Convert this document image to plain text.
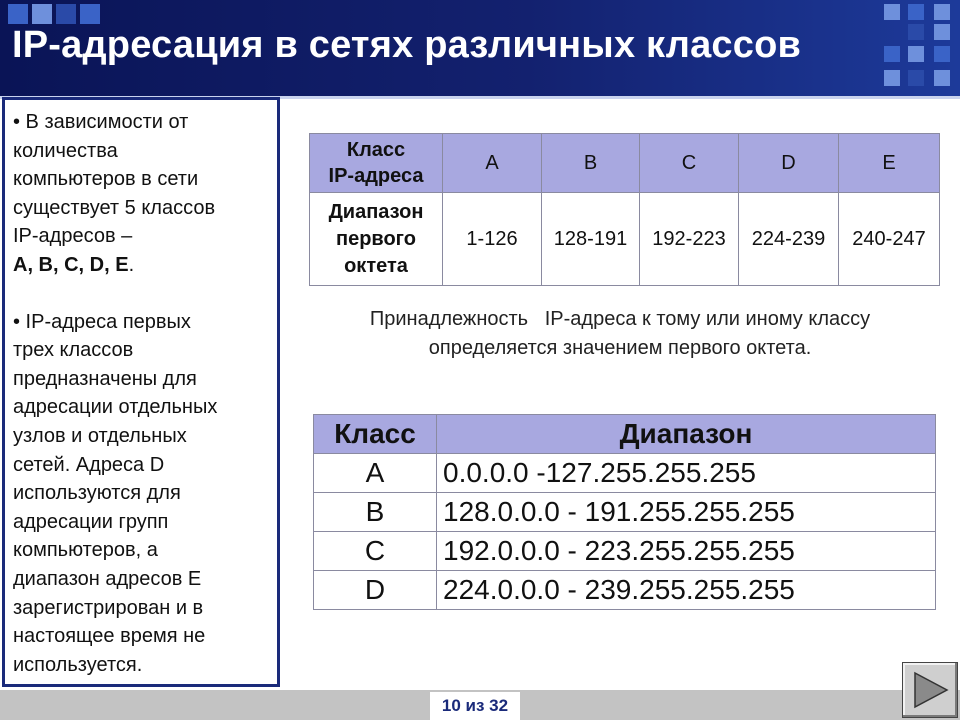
IP-адресация в сетях различных классов

• В зависимости от

количества

компьютеров в сети

существует 5 классов

IP-адресов –

А, В, С, D, Е.

• IP-адреса первых

трех классов

предназначены для

адресации отдельных

узлов и отдельных

сетей. Адреса D

используются для

адресации групп

компьютеров, а

диапазон адресов Е

зарегистрирован и в

настоящее время не

используется.

Класс
IP-адреса	A	B	C	D	E

Диапазон
первого
октета	1-126	128-191	192-223	224-239	240-247
Принадлежность   IP-адреса к тому или иному классу
определяется значением первого октета.
Класс	Диапазон
A	0.0.0.0 -127.255.255.255
B	128.0.0.0 - 191.255.255.255
C	192.0.0.0 - 223.255.255.255
D	224.0.0.0 - 239.255.255.255
10 из 32
